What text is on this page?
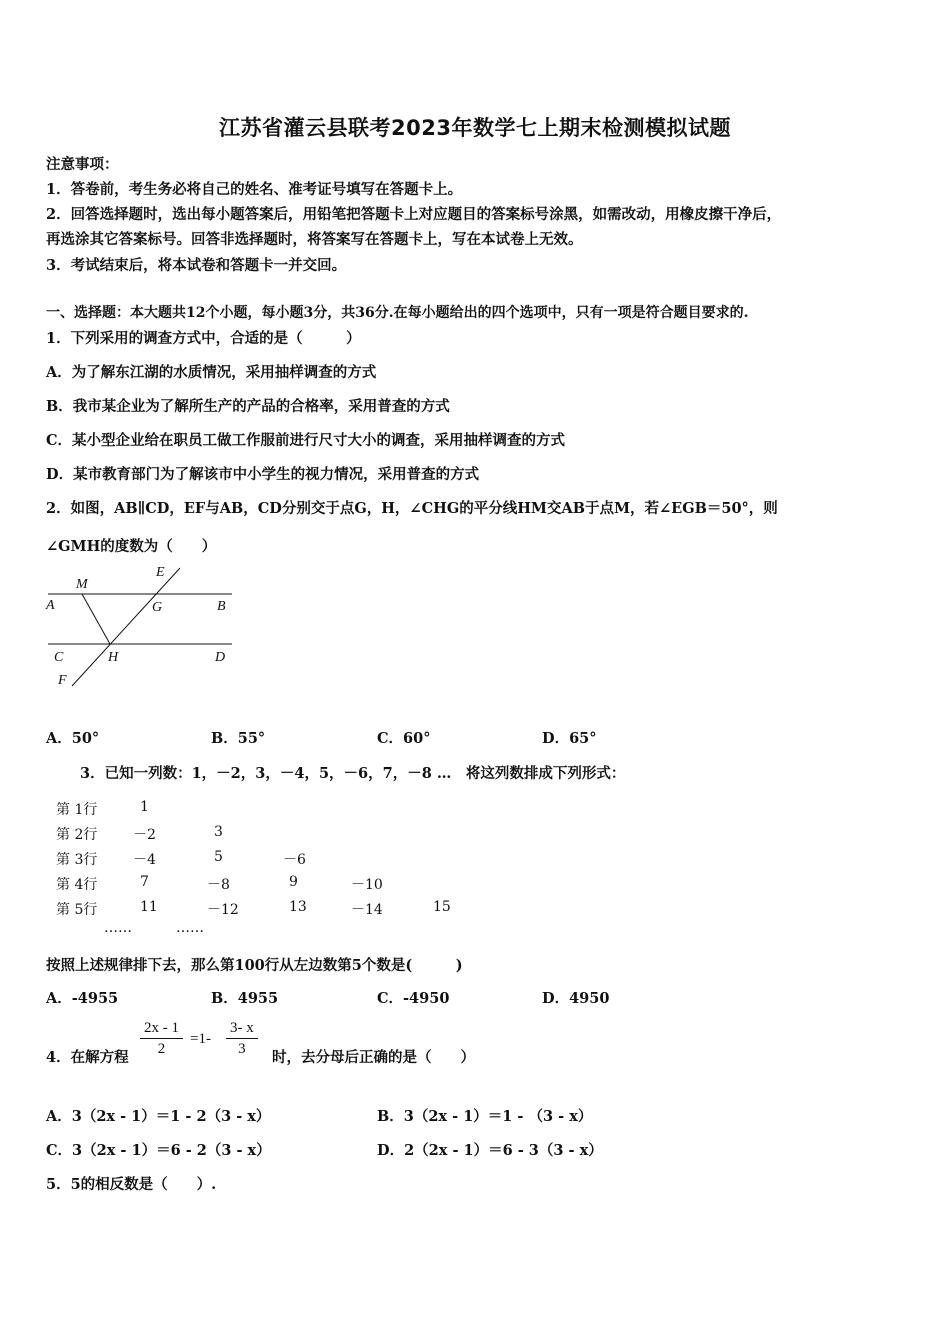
江苏省灌云县联考2023年数学七上期末检测模拟试题
注意事项：
1．答卷前，考生务必将自己的姓名、准考证号填写在答题卡上。
2．回答选择题时，选出每小题答案后，用铅笔把答题卡上对应题目的答案标号涂黑，如需改动，用橡皮擦干净后，
再选涂其它答案标号。回答非选择题时，将答案写在答题卡上，写在本试卷上无效。
3．考试结束后，将本试卷和答题卡一并交回。
一、选择题：本大题共12个小题，每小题3分，共36分.在每小题给出的四个选项中，只有一项是符合题目要求的.
1．下列采用的调查方式中，合适的是（　　　）
A．为了解东江湖的水质情况，采用抽样调查的方式
B．我市某企业为了解所生产的产品的合格率，采用普查的方式
C．某小型企业给在职员工做工作服前进行尺寸大小的调查，采用抽样调查的方式
D．某市教育部门为了解该市中小学生的视力情况，采用普查的方式
2．如图，AB∥CD，EF与AB，CD分别交于点G，H，∠CHG的平分线HM交AB于点M，若∠EGB＝50°，则
∠GMH的度数为（　　）
M
E
A	G	B
C	H	D
F
A．50°	B．55°	C．60°	D．65°
3．已知一列数：1，－2，3，－4，5，－6，7，－8 …　将这列数排成下列形式：
第 1行	1
第 2行	－2	3
第 3行	－4	5	－6
第 4行	7	－8	9	－10
第 5行	11	－12	13	－14	15
……	……
按照上述规律排下去，那么第100行从左边数第5个数是(　　　)
A．-4955	B．4955	C．-4950	D．4950
4．在解方程 $\frac{2x - 1}{2} =1- \frac{3- x}{3}$ 时，去分母后正确的是（　　）
A．3（2x - 1）＝1 - 2（3 - x）	B．3（2x - 1）＝1 - （3 - x）
C．3（2x - 1）＝6 - 2（3 - x）	D．2（2x - 1）＝6 - 3（3 - x）
5．5的相反数是（　　）.
